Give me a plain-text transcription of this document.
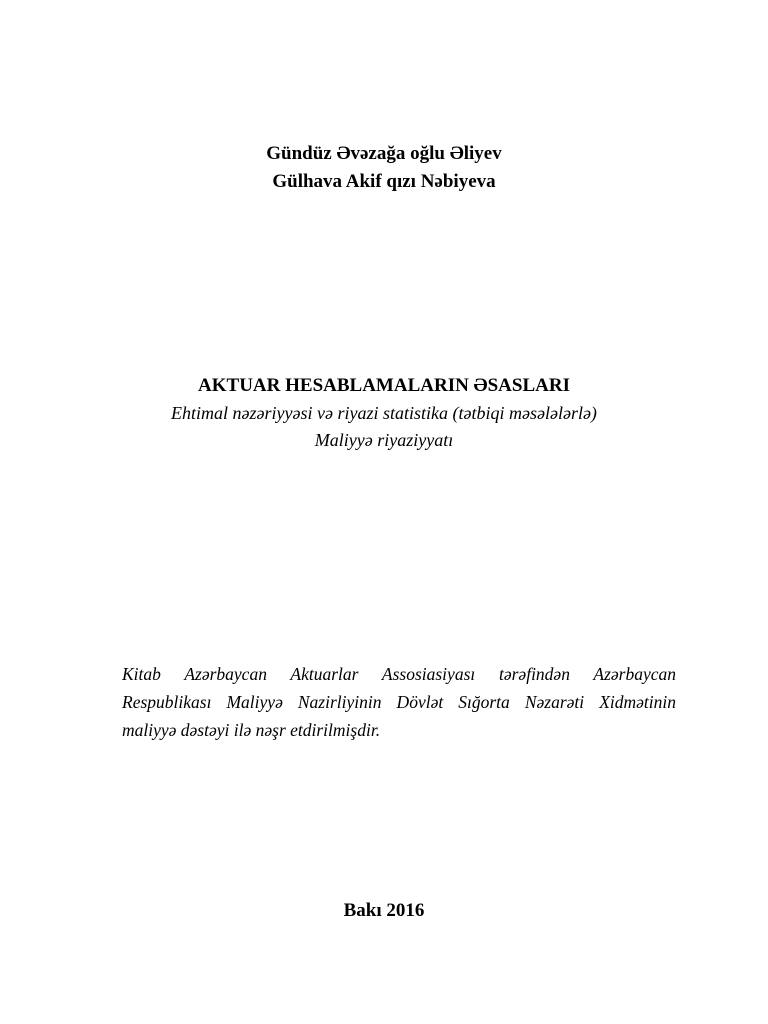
Gündüz Əvəzağa oğlu Əliyev
Gülhava Akif qızı Nəbiyeva
AKTUAR HESABLAMALARIN ƏSASLARI
Ehtimal nəzəriyyəsi və riyazi statistika (tətbiqi məsələlərlə)
Maliyyə riyaziyyatı
Kitab Azərbaycan Aktuarlar Assosiasiyası tərəfindən Azərbaycan
Respublikası Maliyyə Nazirliyinin Dövlət Sığorta Nəzarəti Xidmətinin
maliyyə dəstəyi ilə nəşr etdirilmişdir.
Bakı 2016
